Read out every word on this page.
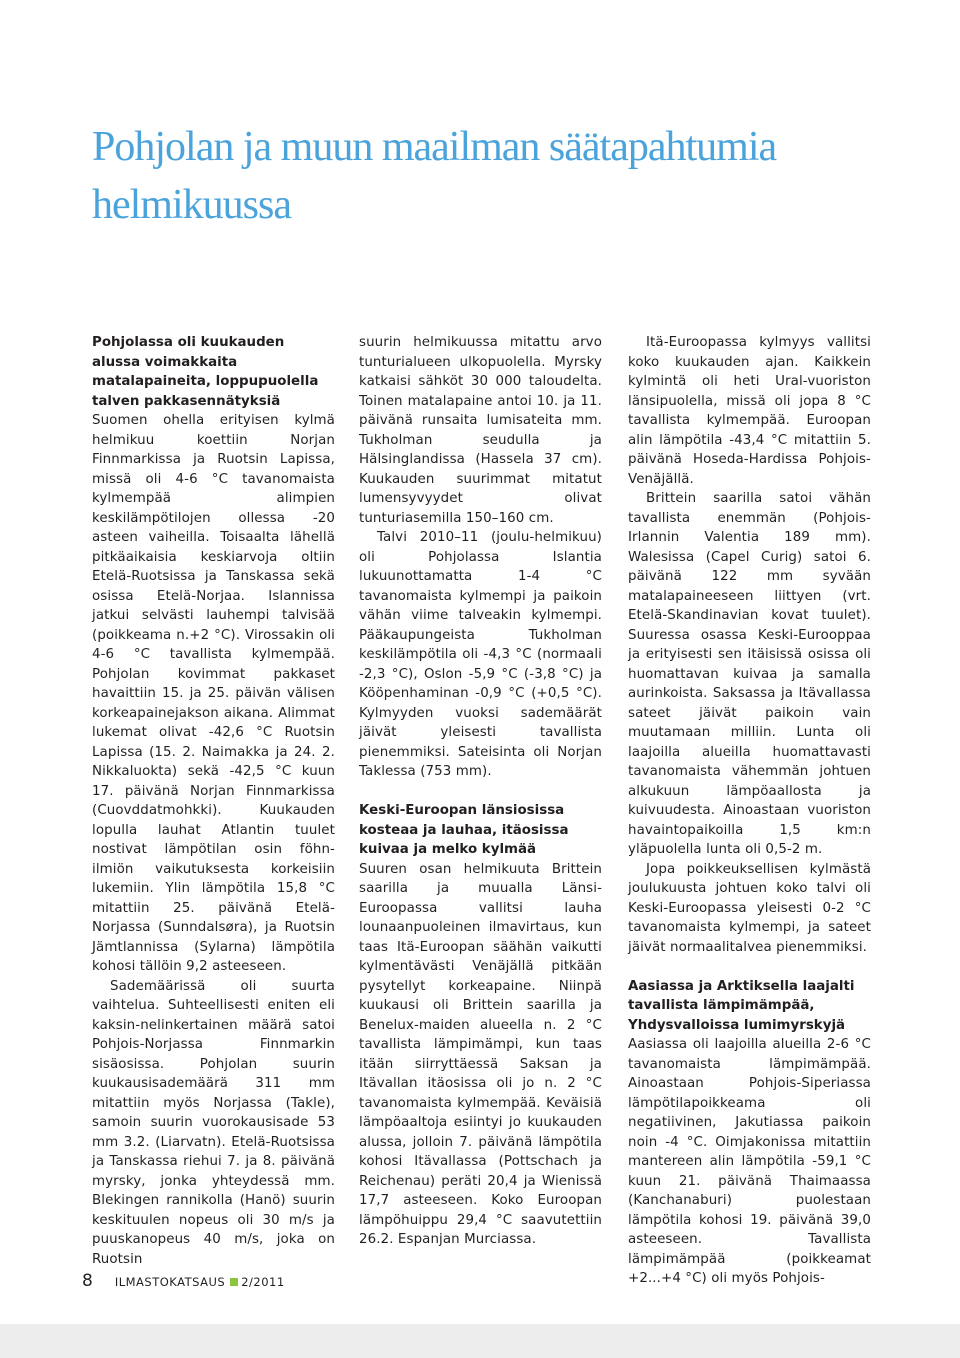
Pohjolan ja muun maailman säätapahtumia helmikuussa
Pohjolassa oli kuukauden alussa voimakkaita matalapaineita, loppupuolella talven pakkasennätyksiä

Suomen ohella erityisen kylmä helmikuu koettiin Norjan Finnmarkissa ja Ruotsin Lapissa, missä oli 4-6 °C tavanomaista kylmempää alimpien keskilämpötilojen ollessa -20 asteen vaiheilla. Toisaalta lähellä pitkäaikaisia keskiarvoja oltiin Etelä-Ruotsissa ja Tanskassa sekä osissa Etelä-Norjaa. Islannissa jatkui selvästi lauhempi talvisää (poikkeama n.+2 °C). Virossakin oli 4-6 °C tavallista kylmempää. Pohjolan kovimmat pakkaset havaittiin 15. ja 25. päivän välisen korkeapainejakson aikana. Alimmat lukemat olivat -42,6 °C Ruotsin Lapissa (15. 2. Naimakka ja 24. 2. Nikkaluokta) sekä -42,5 °C kuun 17. päivänä Norjan Finnmarkissa (Cuovddatmohkki). Kuukauden lopulla lauhat Atlantin tuulet nostivat lämpötilan osin föhn-ilmiön vaikutuksesta korkeisiin lukemiin. Ylin lämpötila 15,8 °C mitattiin 25. päivänä Etelä-Norjassa (Sunndalsøra), ja Ruotsin Jämtlannissa (Sylarna) lämpötila kohosi tällöin 9,2 asteeseen.

Sademäärissä oli suurta vaihtelua. Suhteellisesti eniten eli kaksin-nelinkertainen määrä satoi Pohjois-Norjassa Finnmarkin sisäosissa. Pohjolan suurin kuukausisademäärä 311 mm mitattiin myös Norjassa (Takle), samoin suurin vuorokausisade 53 mm 3.2. (Liarvatn). Etelä-Ruotsissa ja Tanskassa riehui 7. ja 8. päivänä myrsky, jonka yhteydessä mm. Blekingen rannikolla (Hanö) suurin keskituulen nopeus oli 30 m/s ja puuskanopeus 40 m/s, joka on Ruotsin

suurin helmikuussa mitattu arvo tunturialueen ulkopuolella. Myrsky katkaisi sähköt 30 000 taloudelta. Toinen matalapaine antoi 10. ja 11. päivänä runsaita lumisateita mm. Tukholman seudulla ja Hälsinglandissa (Hassela 37 cm). Kuukauden suurimmat mitatut lumensyvyydet olivat tunturiasemilla 150–160 cm.

Talvi 2010–11 (joulu-helmikuu) oli Pohjolassa Islantia lukuunottamatta 1-4 °C tavanomaista kylmempi ja paikoin vähän viime talveakin kylmempi. Pääkaupungeista Tukholman keskilämpötila oli -4,3 °C (normaali -2,3 °C), Oslon -5,9 °C (-3,8 °C) ja Kööpenhaminan -0,9 °C (+0,5 °C). Kylmyyden vuoksi sademäärät jäivät yleisesti tavallista pienemmiksi. Sateisinta oli Norjan Taklessa (753 mm).

Keski-Euroopan länsiosissa kosteaa ja lauhaa, itäosissa kuivaa ja melko kylmää

Suuren osan helmikuuta Brittein saarilla ja muualla Länsi-Euroopassa vallitsi lauha lounaanpuoleinen ilmavirtaus, kun taas Itä-Euroopan säähän vaikutti kylmentävästi Venäjällä pitkään pysytellyt korkeapaine. Niinpä kuukausi oli Brittein saarilla ja Benelux-maiden alueella n. 2 °C tavallista lämpimämpi, kun taas itään siirryttäessä Saksan ja Itävallan itäosissa oli jo n. 2 °C tavanomaista kylmempää. Keväisiä lämpöaaltoja esiintyi jo kuukauden alussa, jolloin 7. päivänä lämpötila kohosi Itävallassa (Pottschach ja Reichenau) peräti 20,4 ja Wienissä 17,7 asteeseen. Koko Euroopan lämpöhuippu 29,4 °C saavutettiin 26.2. Espanjan Murciassa.

Itä-Euroopassa kylmyys vallitsi koko kuukauden ajan. Kaikkein kylmintä oli heti Ural-vuoriston länsipuolella, missä oli jopa 8 °C tavallista kylmempää. Euroopan alin lämpötila -43,4 °C mitattiin 5. päivänä Hoseda-Hardissa Pohjois-Venäjällä.

Brittein saarilla satoi vähän tavallista enemmän (Pohjois-Irlannin Valentia 189 mm). Walesissa (Capel Curig) satoi 6. päivänä 122 mm syvään matalapaineeseen liittyen (vrt. Etelä-Skandinavian kovat tuulet). Suuressa osassa Keski-Eurooppaa ja erityisesti sen itäisissä osissa oli huomattavan kuivaa ja samalla aurinkoista. Saksassa ja Itävallassa sateet jäivät paikoin vain muutamaan milliin. Lunta oli laajoilla alueilla huomattavasti tavanomaista vähemmän johtuen alkukuun lämpöaallosta ja kuivuudesta. Ainoastaan vuoriston havaintopaikoilla 1,5 km:n yläpuolella lunta oli 0,5-2 m.

Jopa poikkeuksellisen kylmästä joulukuusta johtuen koko talvi oli Keski-Euroopassa yleisesti 0-2 °C tavanomaista kylmempi, ja sateet jäivät normaalitalvea pienemmiksi.

Aasiassa ja Arktiksella laajalti tavallista lämpimämpää, Yhdysvalloissa lumimyrskyjä

Aasiassa oli laajoilla alueilla 2-6 °C tavanomaista lämpimämpää. Ainoastaan Pohjois-Siperiassa lämpötilapoikkeama oli negatiivinen, Jakutiassa paikoin noin -4 °C. Oimjakonissa mitattiin mantereen alin lämpötila -59,1 °C kuun 21. päivänä Thaimaassa (Kanchanaburi) puolestaan lämpötila kohosi 19. päivänä 39,0 asteeseen. Tavallista lämpimämpää (poikkeamat +2...+4 °C) oli myös Pohjois-

8 ILMASTOKATSAUS 2/2011
